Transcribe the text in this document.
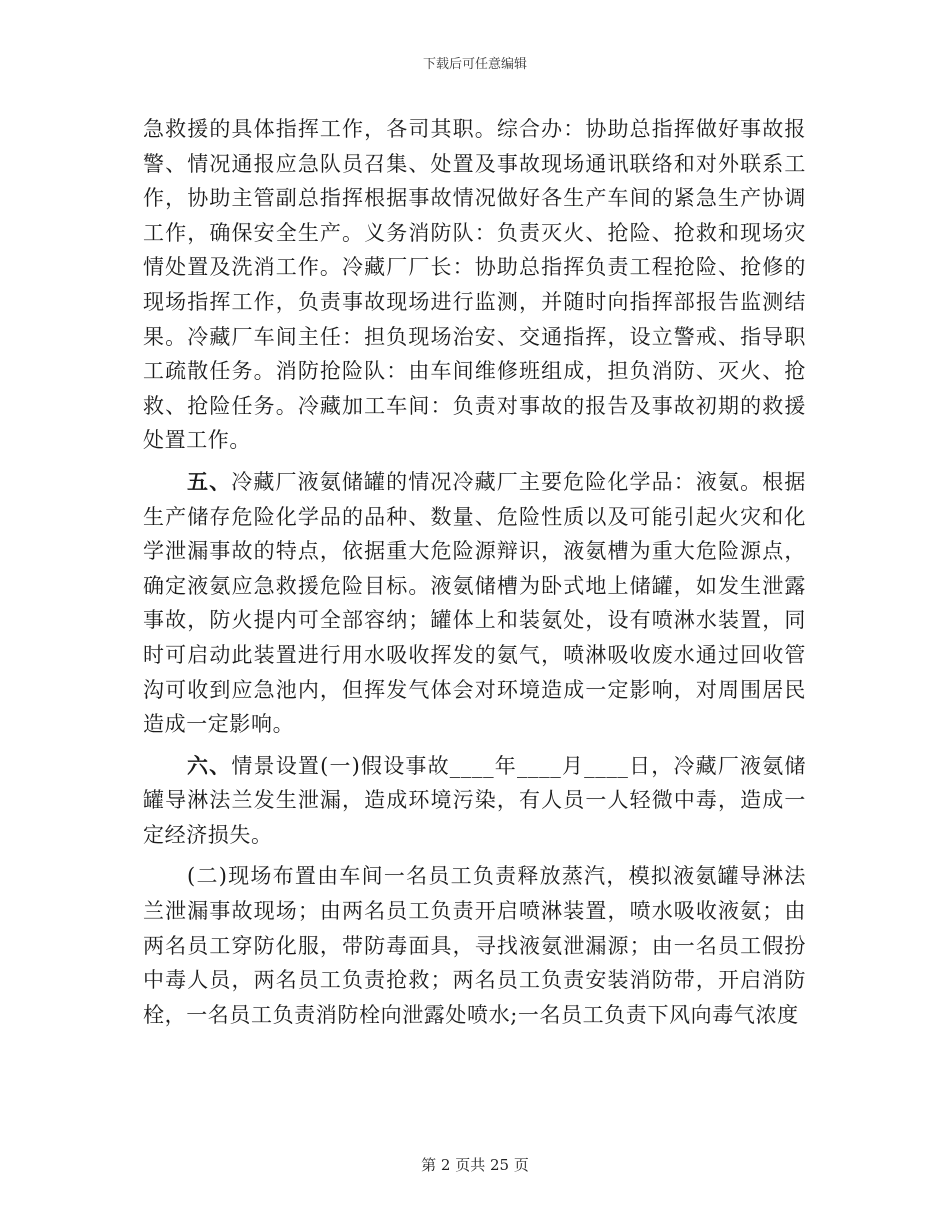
下载后可任意编辑

急救援的具体指挥工作，各司其职。综合办：协助总指挥做好事故报警、情况通报应急队员召集、处置及事故现场通讯联络和对外联系工作，协助主管副总指挥根据事故情况做好各生产车间的紧急生产协调工作，确保安全生产。义务消防队：负责灭火、抢险、抢救和现场灾情处置及洗消工作。冷藏厂厂长：协助总指挥负责工程抢险、抢修的现场指挥工作，负责事故现场进行监测，并随时向指挥部报告监测结果。冷藏厂车间主任：担负现场治安、交通指挥，设立警戒、指导职工疏散任务。消防抢险队：由车间维修班组成，担负消防、灭火、抢救、抢险任务。冷藏加工车间：负责对事故的报告及事故初期的救援处置工作。

五、冷藏厂液氨储罐的情况冷藏厂主要危险化学品：液氨。根据生产储存危险化学品的品种、数量、危险性质以及可能引起火灾和化学泄漏事故的特点，依据重大危险源辩识，液氨槽为重大危险源点，确定液氨应急救援危险目标。液氨储槽为卧式地上储罐，如发生泄露事故，防火提内可全部容纳；罐体上和装氨处，设有喷淋水装置，同时可启动此装置进行用水吸收挥发的氨气，喷淋吸收废水通过回收管沟可收到应急池内，但挥发气体会对环境造成一定影响，对周围居民造成一定影响。

六、情景设置(一)假设事故____年____月____日，冷藏厂液氨储罐导淋法兰发生泄漏，造成环境污染，有人员一人轻微中毒，造成一定经济损失。

(二)现场布置由车间一名员工负责释放蒸汽，模拟液氨罐导淋法兰泄漏事故现场；由两名员工负责开启喷淋装置，喷水吸收液氨；由两名员工穿防化服，带防毒面具，寻找液氨泄漏源；由一名员工假扮中毒人员，两名员工负责抢救；两名员工负责安装消防带，开启消防栓，一名员工负责消防栓向泄露处喷水;一名员工负责下风向毒气浓度

第 2 页共 25 页
